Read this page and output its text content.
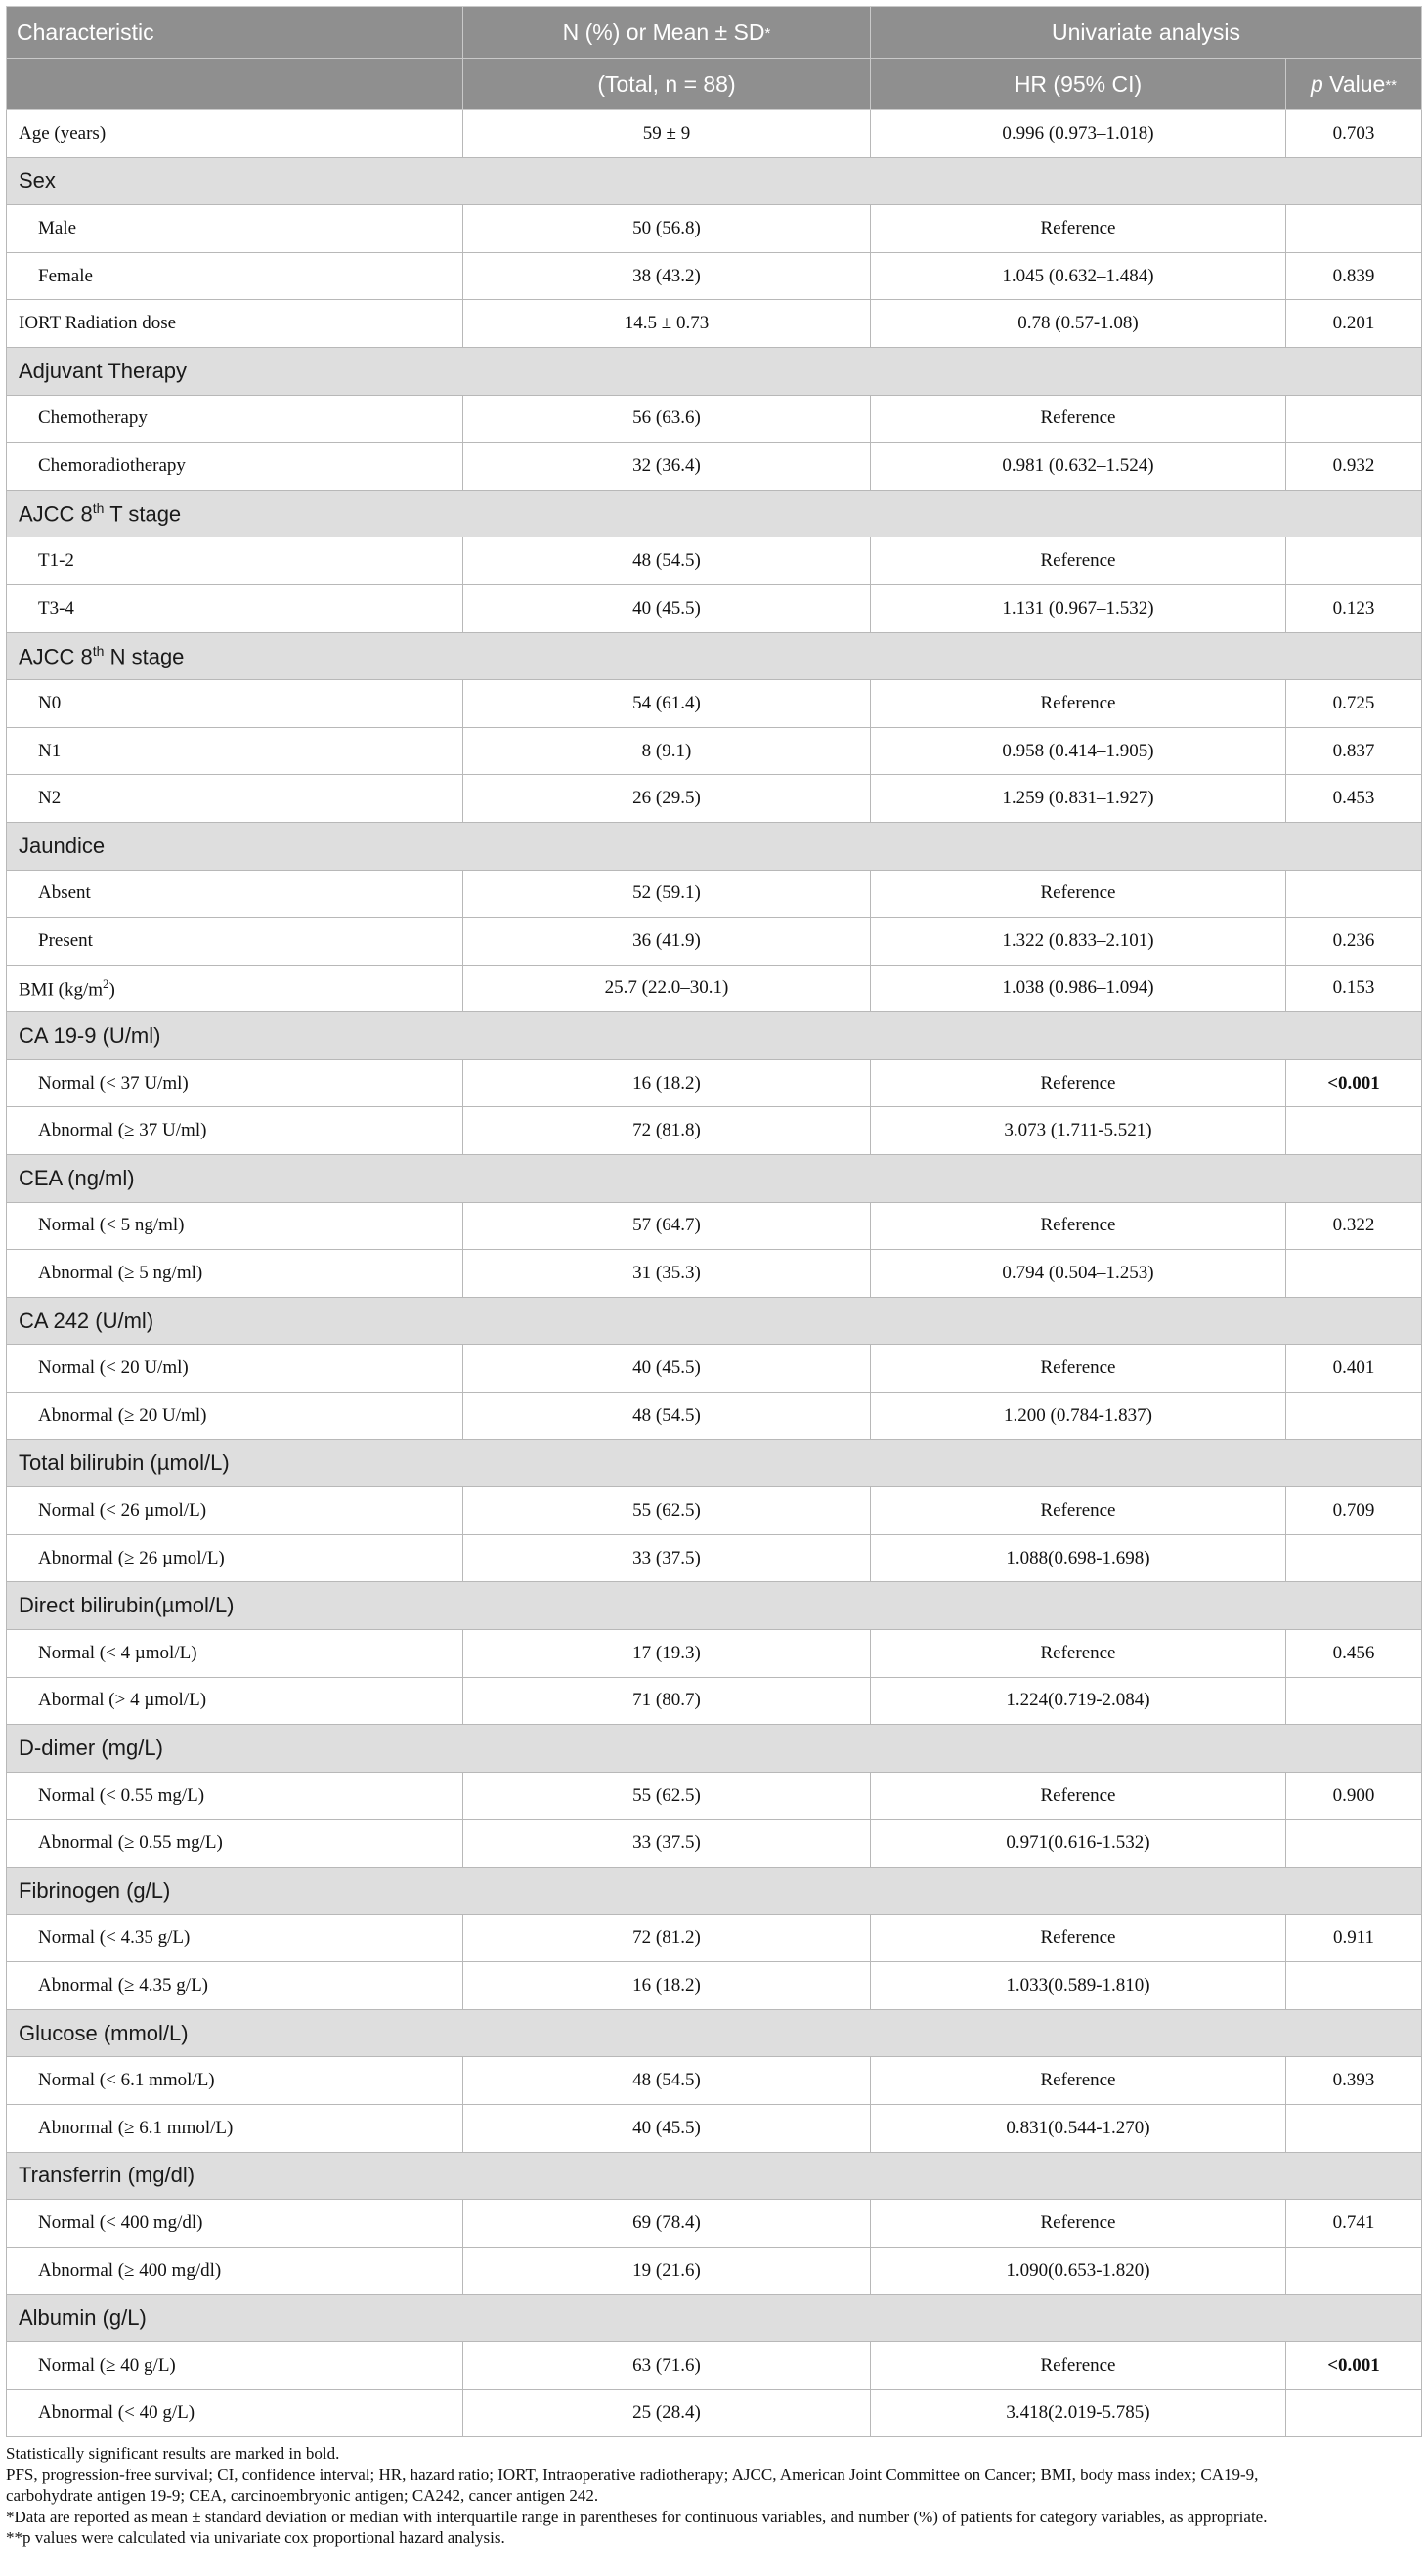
Characteristic	N (%) or Mean ± SD*	Univariate analysis	
	(Total, n = 88)	HR (95% CI)	p Value**
Age (years)	59 ± 9	0.996 (0.973–1.018)	0.703
Sex			
Male	50 (56.8)	Reference	
Female	38 (43.2)	1.045 (0.632–1.484)	0.839
IORT Radiation dose	14.5 ± 0.73	0.78 (0.57-1.08)	0.201
Adjuvant Therapy			
Chemotherapy	56 (63.6)	Reference	
Chemoradiotherapy	32 (36.4)	0.981 (0.632–1.524)	0.932
AJCC 8th T stage			
T1-2	48 (54.5)	Reference	
T3-4	40 (45.5)	1.131 (0.967–1.532)	0.123
AJCC 8th N stage			
N0	54 (61.4)	Reference	0.725
N1	8 (9.1)	0.958 (0.414–1.905)	0.837
N2	26 (29.5)	1.259 (0.831–1.927)	0.453
Jaundice			
Absent	52 (59.1)	Reference	
Present	36 (41.9)	1.322 (0.833–2.101)	0.236
BMI $(kg/m^2)$	25.7 (22.0–30.1)	1.038 (0.986–1.094)	0.153
CA 19-9 (U/ml)			
Normal (< 37 U/ml)	16 (18.2)	Reference	<0.001
Abnormal (≥ 37 U/ml)	72 (81.8)	3.073 (1.711-5.521)	
CEA (ng/ml)			
Normal (< 5 ng/ml)	57 (64.7)	Reference	0.322
Abnormal (≥ 5 ng/ml)	31 (35.3)	0.794 (0.504–1.253)	
CA 242 (U/ml)			
Normal (< 20 U/ml)	40 (45.5)	Reference	0.401
Abnormal (≥ 20 U/ml)	48 (54.5)	1.200 (0.784-1.837)	
Total bilirubin (µmol/L)			
Normal (< 26 µmol/L)	55 (62.5)	Reference	0.709
Abnormal (≥ 26 µmol/L)	33 (37.5)	1.088(0.698-1.698)	
Direct bilirubin(µmol/L)			
Normal (< 4 µmol/L)	17 (19.3)	Reference	0.456
Abormal (> 4 µmol/L)	71 (80.7)	1.224(0.719-2.084)	
D-dimer (mg/L)			
Normal (< 0.55 mg/L)	55 (62.5)	Reference	0.900
Abnormal (≥ 0.55 mg/L)	33 (37.5)	0.971(0.616-1.532)	
Fibrinogen (g/L)			
Normal (< 4.35 g/L)	72 (81.2)	Reference	0.911
Abnormal (≥ 4.35 g/L)	16 (18.2)	1.033(0.589-1.810)	
Glucose (mmol/L)			
Normal (< 6.1 mmol/L)	48 (54.5)	Reference	0.393
Abnormal (≥ 6.1 mmol/L)	40 (45.5)	0.831(0.544-1.270)	
Transferrin (mg/dl)			
Normal (< 400 mg/dl)	69 (78.4)	Reference	0.741
Abnormal (≥ 400 mg/dl)	19 (21.6)	1.090(0.653-1.820)	
Albumin (g/L)			
Normal (≥ 40 g/L)	63 (71.6)	Reference	<0.001
Abnormal (< 40 g/L)	25 (28.4)	3.418(2.019-5.785)	
Statistically significant results are marked in bold.
PFS, progression-free survival; CI, confidence interval; HR, hazard ratio; IORT, Intraoperative radiotherapy; AJCC, American Joint Committee on Cancer; BMI, body mass index; CA19-9,
carbohydrate antigen 19-9; CEA, carcinoembryonic antigen; CA242, cancer antigen 242.
*Data are reported as mean ± standard deviation or median with interquartile range in parentheses for continuous variables, and number (%) of patients for category variables, as appropriate.
**p values were calculated via univariate cox proportional hazard analysis.
